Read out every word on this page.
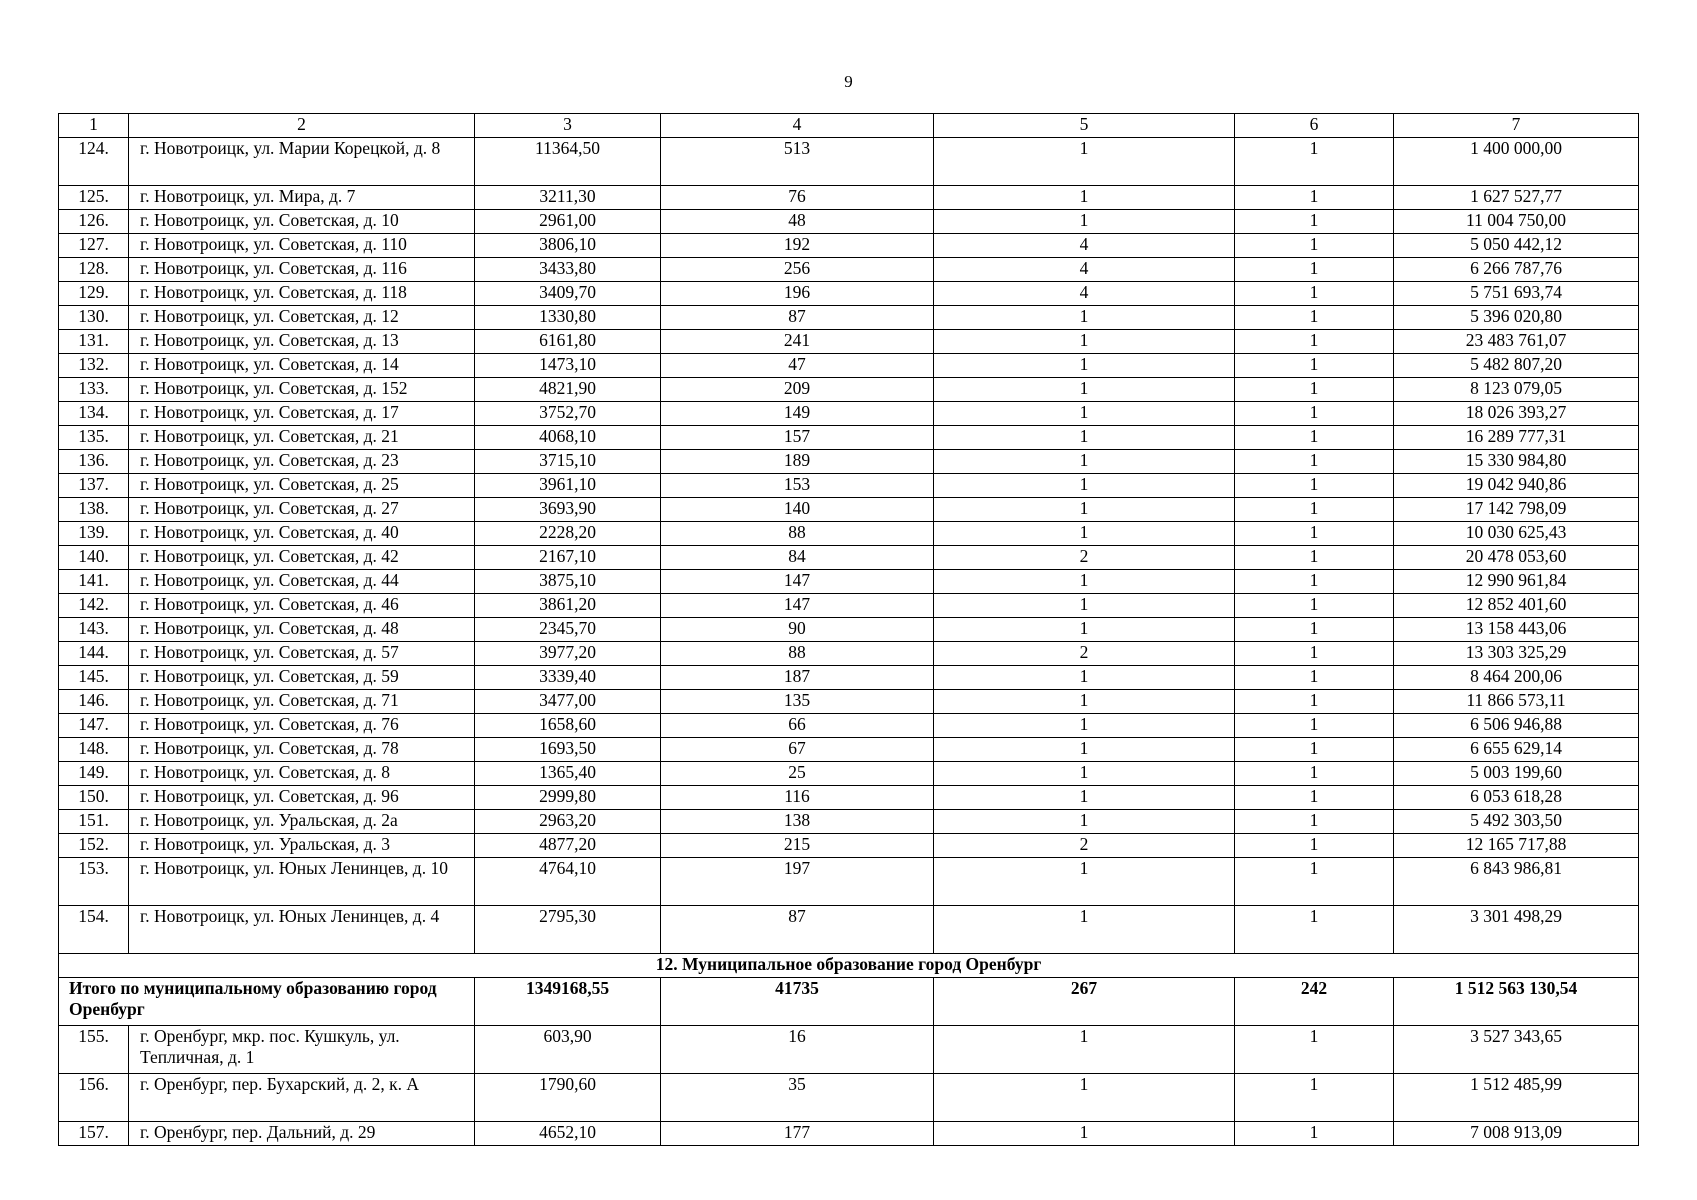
9
1	2	3	4	5	6	7
124.	г. Новотроицк, ул. Марии Корецкой, д. 8	11364,50	513	1	1	1 400 000,00
125.	г. Новотроицк, ул. Мира, д. 7	3211,30	76	1	1	1 627 527,77
126.	г. Новотроицк, ул. Советская, д. 10	2961,00	48	1	1	11 004 750,00
127.	г. Новотроицк, ул. Советская, д. 110	3806,10	192	4	1	5 050 442,12
128.	г. Новотроицк, ул. Советская, д. 116	3433,80	256	4	1	6 266 787,76
129.	г. Новотроицк, ул. Советская, д. 118	3409,70	196	4	1	5 751 693,74
130.	г. Новотроицк, ул. Советская, д. 12	1330,80	87	1	1	5 396 020,80
131.	г. Новотроицк, ул. Советская, д. 13	6161,80	241	1	1	23 483 761,07
132.	г. Новотроицк, ул. Советская, д. 14	1473,10	47	1	1	5 482 807,20
133.	г. Новотроицк, ул. Советская, д. 152	4821,90	209	1	1	8 123 079,05
134.	г. Новотроицк, ул. Советская, д. 17	3752,70	149	1	1	18 026 393,27
135.	г. Новотроицк, ул. Советская, д. 21	4068,10	157	1	1	16 289 777,31
136.	г. Новотроицк, ул. Советская, д. 23	3715,10	189	1	1	15 330 984,80
137.	г. Новотроицк, ул. Советская, д. 25	3961,10	153	1	1	19 042 940,86
138.	г. Новотроицк, ул. Советская, д. 27	3693,90	140	1	1	17 142 798,09
139.	г. Новотроицк, ул. Советская, д. 40	2228,20	88	1	1	10 030 625,43
140.	г. Новотроицк, ул. Советская, д. 42	2167,10	84	2	1	20 478 053,60
141.	г. Новотроицк, ул. Советская, д. 44	3875,10	147	1	1	12 990 961,84
142.	г. Новотроицк, ул. Советская, д. 46	3861,20	147	1	1	12 852 401,60
143.	г. Новотроицк, ул. Советская, д. 48	2345,70	90	1	1	13 158 443,06
144.	г. Новотроицк, ул. Советская, д. 57	3977,20	88	2	1	13 303 325,29
145.	г. Новотроицк, ул. Советская, д. 59	3339,40	187	1	1	8 464 200,06
146.	г. Новотроицк, ул. Советская, д. 71	3477,00	135	1	1	11 866 573,11
147.	г. Новотроицк, ул. Советская, д. 76	1658,60	66	1	1	6 506 946,88
148.	г. Новотроицк, ул. Советская, д. 78	1693,50	67	1	1	6 655 629,14
149.	г. Новотроицк, ул. Советская, д. 8	1365,40	25	1	1	5 003 199,60
150.	г. Новотроицк, ул. Советская, д. 96	2999,80	116	1	1	6 053 618,28
151.	г. Новотроицк, ул. Уральская, д. 2а	2963,20	138	1	1	5 492 303,50
152.	г. Новотроицк, ул. Уральская, д. 3	4877,20	215	2	1	12 165 717,88
153.	г. Новотроицк, ул. Юных Ленинцев, д. 10	4764,10	197	1	1	6 843 986,81
154.	г. Новотроицк, ул. Юных Ленинцев, д. 4	2795,30	87	1	1	3 301 498,29
12. Муниципальное образование город Оренбург						
Итого по муниципальному образованию город Оренбург		1349168,55	41735	267	242	1 512 563 130,54
155.	г. Оренбург, мкр. пос. Кушкуль, ул. Тепличная, д. 1	603,90	16	1	1	3 527 343,65
156.	г. Оренбург, пер. Бухарский, д. 2, к. А	1790,60	35	1	1	1 512 485,99
157.	г. Оренбург, пер. Дальний, д. 29	4652,10	177	1	1	7 008 913,09
